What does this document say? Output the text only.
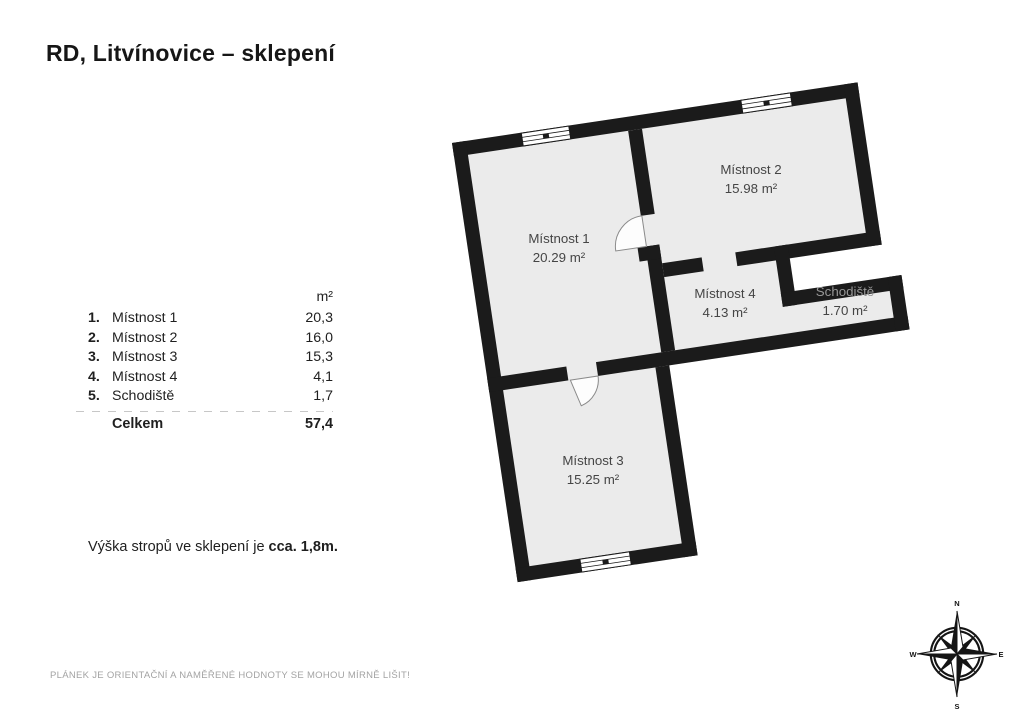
RD, Litvínovice – sklepení
m²
1. Místnost 1	20,3
2. Místnost 2	16,0
3. Místnost 3	15,3
4. Místnost 4	4,1
5. Schodiště	1,7
Celkem	57,4
Výška stropů ve sklepení je cca. 1,8m.
PLÁNEK JE ORIENTAČNÍ A NAMĚŘENÉ HODNOTY SE MOHOU MÍRNĚ LIŠIT!
Místnost 1
20.29 m²
Místnost 2
15.98 m²
Místnost 3
15.25 m²
Místnost 4
4.13 m²
Schodiště
1.70 m²
N
E
S
W
